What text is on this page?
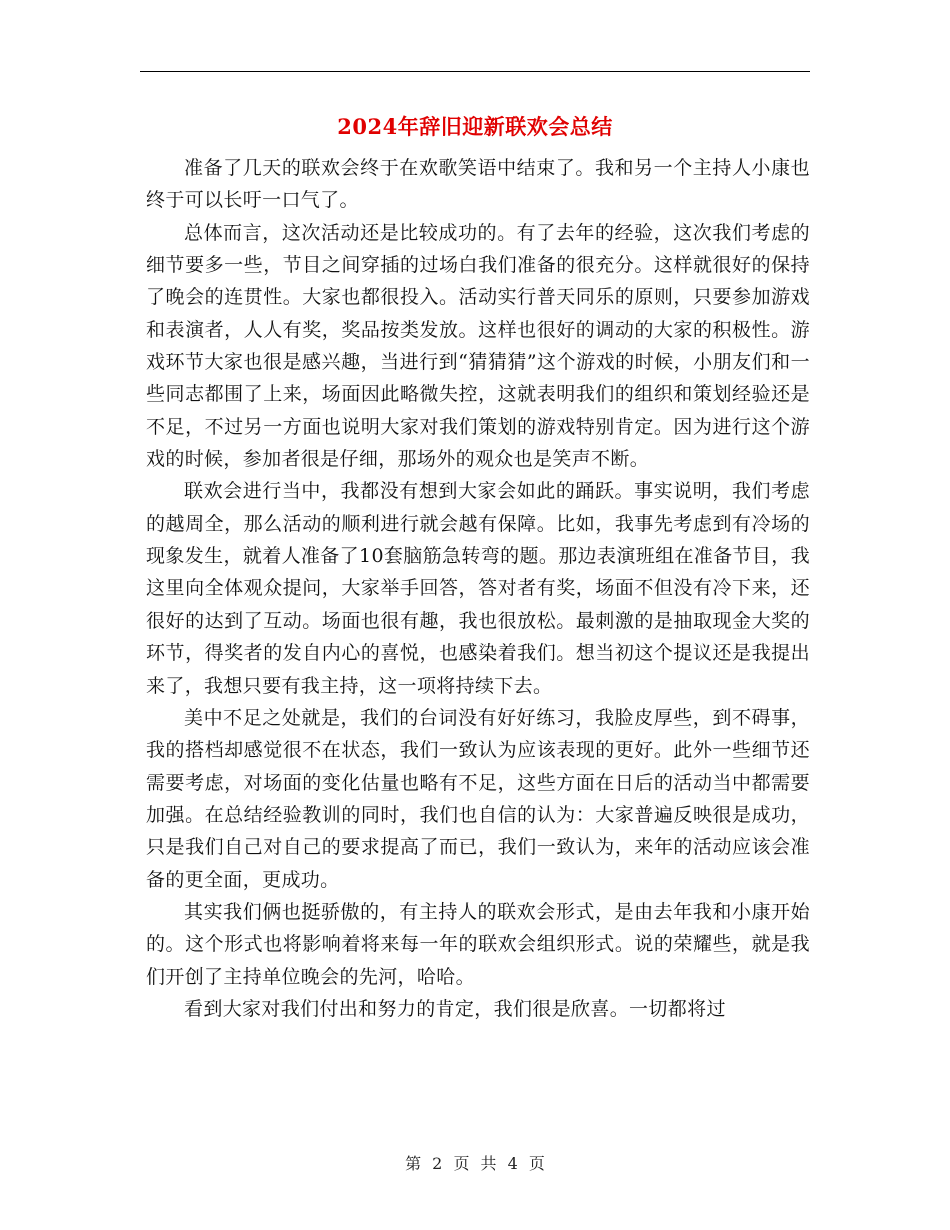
2024年辞旧迎新联欢会总结

准备了几天的联欢会终于在欢歌笑语中结束了。我和另一个主持人小康也终于可以长吁一口气了。

总体而言，这次活动还是比较成功的。有了去年的经验，这次我们考虑的细节要多一些，节目之间穿插的过场白我们准备的很充分。这样就很好的保持了晚会的连贯性。大家也都很投入。活动实行普天同乐的原则，只要参加游戏和表演者，人人有奖，奖品按类发放。这样也很好的调动的大家的积极性。游戏环节大家也很是感兴趣，当进行到“猜猜猜”这个游戏的时候，小朋友们和一些同志都围了上来，场面因此略微失控，这就表明我们的组织和策划经验还是不足，不过另一方面也说明大家对我们策划的游戏特别肯定。因为进行这个游戏的时候，参加者很是仔细，那场外的观众也是笑声不断。

联欢会进行当中，我都没有想到大家会如此的踊跃。事实说明，我们考虑的越周全，那么活动的顺利进行就会越有保障。比如，我事先考虑到有冷场的现象发生，就着人准备了10套脑筋急转弯的题。那边表演班组在准备节目，我这里向全体观众提问，大家举手回答，答对者有奖，场面不但没有冷下来，还很好的达到了互动。场面也很有趣，我也很放松。最刺激的是抽取现金大奖的环节，得奖者的发自内心的喜悦，也感染着我们。想当初这个提议还是我提出来了，我想只要有我主持，这一项将持续下去。

美中不足之处就是，我们的台词没有好好练习，我脸皮厚些，到不碍事，我的搭档却感觉很不在状态，我们一致认为应该表现的更好。此外一些细节还需要考虑，对场面的变化估量也略有不足，这些方面在日后的活动当中都需要加强。在总结经验教训的同时，我们也自信的认为：大家普遍反映很是成功，只是我们自己对自己的要求提高了而已，我们一致认为，来年的活动应该会准备的更全面，更成功。

其实我们俩也挺骄傲的，有主持人的联欢会形式，是由去年我和小康开始的。这个形式也将影响着将来每一年的联欢会组织形式。说的荣耀些，就是我们开创了主持单位晚会的先河，哈哈。

看到大家对我们付出和努力的肯定，我们很是欣喜。一切都将过

第 2 页 共 4 页
